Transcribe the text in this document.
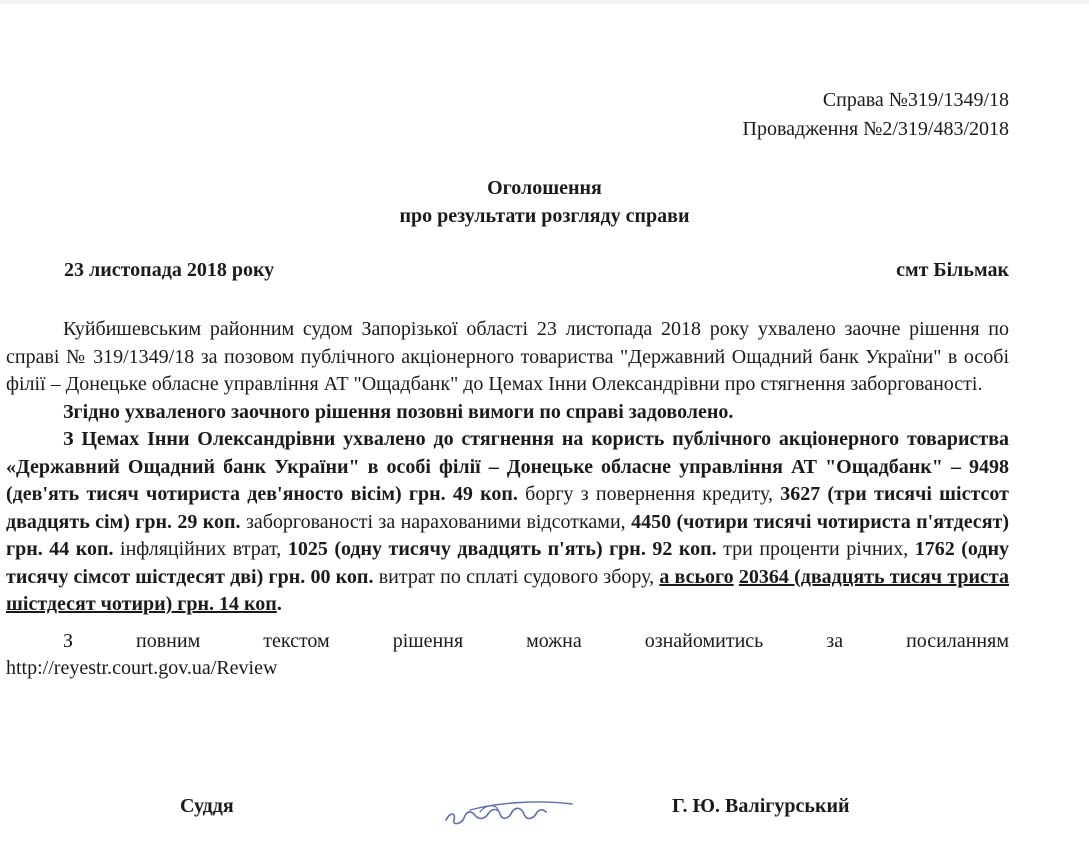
Справа №319/1349/18
Провадження №2/319/483/2018
Оголошення
про результати розгляду справи
23 листопада 2018 року	смт Більмак

Куйбишевським районним судом Запорізької області 23 листопада 2018 року ухвалено заочне рішення по справі № 319/1349/18 за позовом публічного акціонерного товариства "Державний Ощадний банк України" в особі філії – Донецьке обласне управління АТ "Ощадбанк" до Цемах Інни Олександрівни про стягнення заборгованості.

Згідно ухваленого заочного рішення позовні вимоги по справі задоволено.

З Цемах Інни Олександрівни ухвалено до стягнення на користь публічного акціонерного товариства «Державний Ощадний банк України" в особі філії – Донецьке обласне управління АТ "Ощадбанк" – 9498 (дев'ять тисяч чотириста дев'яносто вісім) грн. 49 коп. боргу з повернення кредиту, 3627 (три тисячі шістсот двадцять сім) грн. 29 коп. заборгованості за нарахованими відсотками, 4450 (чотири тисячі чотириста п'ятдесят) грн. 44 коп. інфляційних втрат, 1025 (одну тисячу двадцять п'ять) грн. 92 коп. три проценти річних, 1762 (одну тисячу сімсот шістдесят дві) грн. 00 коп. витрат по сплаті судового збору, а всього 20364 (двадцять тисяч триста шістдесят чотири) грн. 14 коп.

З повним текстом рішення можна ознайомитись за посиланням
http://reyestr.court.gov.ua/Review

Суддя	Г. Ю. Валігурський
